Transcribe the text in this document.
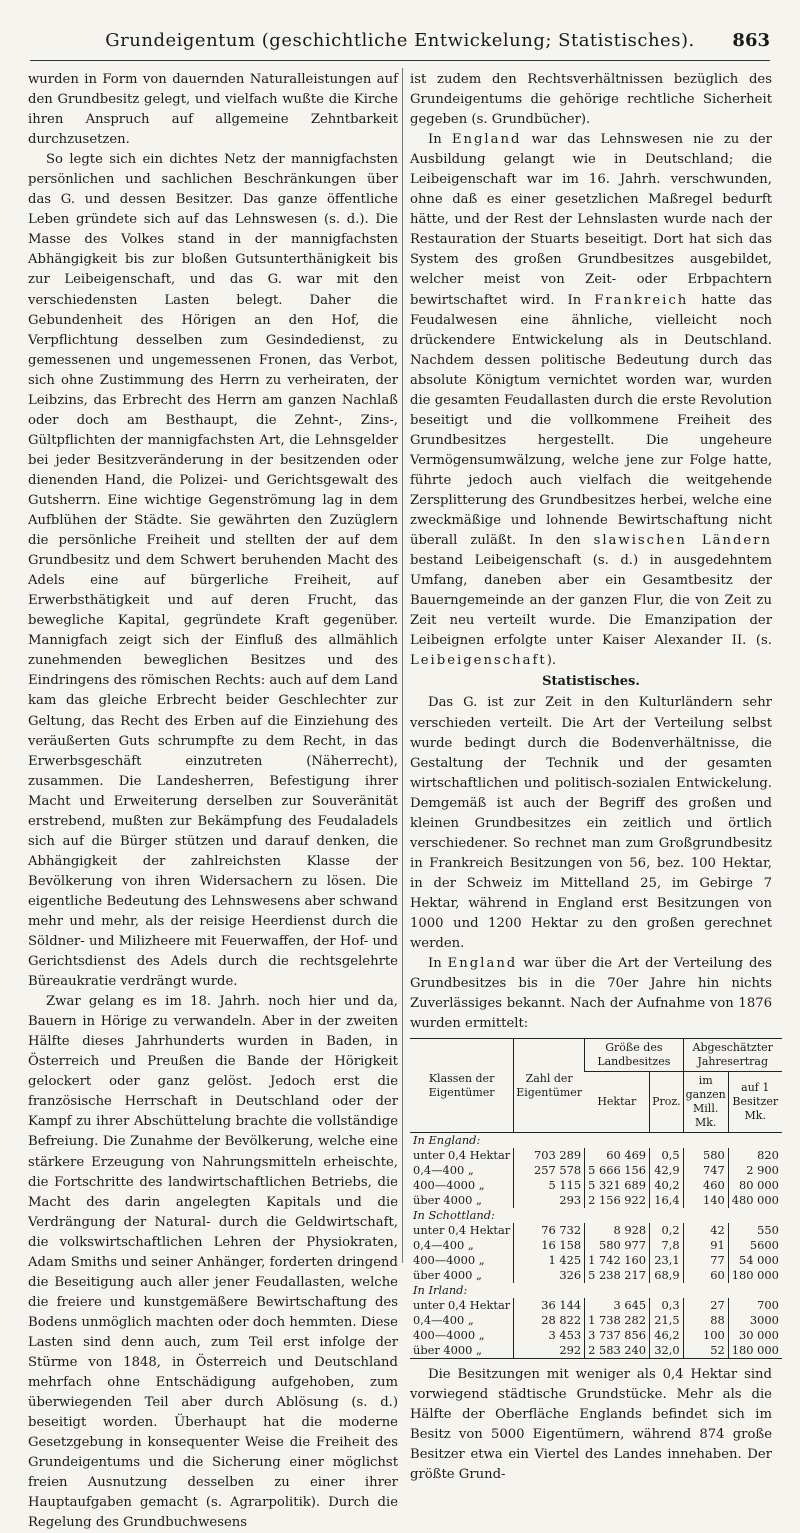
Grundeigentum (geschichtliche Entwickelung; Statistisches).	863

wurden in Form von dauernden Naturalleistungen auf den Grundbesitz gelegt, und vielfach wußte die Kirche ihren Anspruch auf allgemeine Zehntbarkeit durchzusetzen.

So legte sich ein dichtes Netz der mannigfachsten persönlichen und sachlichen Beschränkungen über das G. und dessen Besitzer. Das ganze öffentliche Leben gründete sich auf das Lehnswesen (s. d.). Die Masse des Volkes stand in der mannigfachsten Abhängigkeit bis zur bloßen Gutsunterthänigkeit bis zur Leibeigenschaft, und das G. war mit den verschiedensten Lasten belegt. Daher die Gebundenheit des Hörigen an den Hof, die Verpflichtung desselben zum Gesindedienst, zu gemessenen und ungemessenen Fronen, das Verbot, sich ohne Zustimmung des Herrn zu verheiraten, der Leibzins, das Erbrecht des Herrn am ganzen Nachlaß oder doch am Besthaupt, die Zehnt-, Zins-, Gültpflichten der mannigfachsten Art, die Lehnsgelder bei jeder Besitzveränderung in der besitzenden oder dienenden Hand, die Polizei- und Gerichtsgewalt des Gutsherrn. Eine wichtige Gegenströmung lag in dem Aufblühen der Städte. Sie gewährten den Zuzüglern die persönliche Freiheit und stellten der auf dem Grundbesitz und dem Schwert beruhenden Macht des Adels eine auf bürgerliche Freiheit, auf Erwerbsthätigkeit und auf deren Frucht, das bewegliche Kapital, gegründete Kraft gegenüber. Mannigfach zeigt sich der Einfluß des allmählich zunehmenden beweglichen Besitzes und des Eindringens des römischen Rechts: auch auf dem Land kam das gleiche Erbrecht beider Geschlechter zur Geltung, das Recht des Erben auf die Einziehung des veräußerten Guts schrumpfte zu dem Recht, in das Erwerbsgeschäft einzutreten (Näherrecht), zusammen. Die Landesherren, Befestigung ihrer Macht und Erweiterung derselben zur Souveränität erstrebend, mußten zur Bekämpfung des Feudaladels sich auf die Bürger stützen und darauf denken, die Abhängigkeit der zahlreichsten Klasse der Bevölkerung von ihren Widersachern zu lösen. Die eigentliche Bedeutung des Lehnswesens aber schwand mehr und mehr, als der reisige Heerdienst durch die Söldner- und Milizheere mit Feuerwaffen, der Hof- und Gerichtsdienst des Adels durch die rechtsgelehrte Büreaukratie verdrängt wurde.

Zwar gelang es im 18. Jahrh. noch hier und da, Bauern in Hörige zu verwandeln. Aber in der zweiten Hälfte dieses Jahrhunderts wurden in Baden, in Österreich und Preußen die Bande der Hörigkeit gelockert oder ganz gelöst. Jedoch erst die französische Herrschaft in Deutschland oder der Kampf zu ihrer Abschüttelung brachte die vollständige Befreiung. Die Zunahme der Bevölkerung, welche eine stärkere Erzeugung von Nahrungsmitteln erheischte, die Fortschritte des landwirtschaftlichen Betriebs, die Macht des darin angelegten Kapitals und die Verdrängung der Natural- durch die Geldwirtschaft, die volkswirtschaftlichen Lehren der Physiokraten, Adam Smiths und seiner Anhänger, forderten dringend die Beseitigung auch aller jener Feudallasten, welche die freiere und kunstgemäßere Bewirtschaftung des Bodens unmöglich machten oder doch hemmten. Diese Lasten sind denn auch, zum Teil erst infolge der Stürme von 1848, in Österreich und Deutschland mehrfach ohne Entschädigung aufgehoben, zum überwiegenden Teil aber durch Ablösung (s. d.) beseitigt worden. Überhaupt hat die moderne Gesetzgebung in konsequenter Weise die Freiheit des Grundeigentums und die Sicherung einer möglichst freien Ausnutzung desselben zu einer ihrer Hauptaufgaben gemacht (s. Agrarpolitik). Durch die Regelung des Grundbuchwesens

ist zudem den Rechtsverhältnissen bezüglich des Grundeigentums die gehörige rechtliche Sicherheit gegeben (s. Grundbücher).

In England war das Lehnswesen nie zu der Ausbildung gelangt wie in Deutschland; die Leibeigenschaft war im 16. Jahrh. verschwunden, ohne daß es einer gesetzlichen Maßregel bedurft hätte, und der Rest der Lehnslasten wurde nach der Restauration der Stuarts beseitigt. Dort hat sich das System des großen Grundbesitzes ausgebildet, welcher meist von Zeit- oder Erbpachtern bewirtschaftet wird. In Frankreich hatte das Feudalwesen eine ähnliche, vielleicht noch drückendere Entwickelung als in Deutschland. Nachdem dessen politische Bedeutung durch das absolute Königtum vernichtet worden war, wurden die gesamten Feudallasten durch die erste Revolution beseitigt und die vollkommene Freiheit des Grundbesitzes hergestellt. Die ungeheure Vermögensumwälzung, welche jene zur Folge hatte, führte jedoch auch vielfach die weitgehende Zersplitterung des Grundbesitzes herbei, welche eine zweckmäßige und lohnende Bewirtschaftung nicht überall zuläßt. In den slawischen Ländern bestand Leibeigenschaft (s. d.) in ausgedehntem Umfang, daneben aber ein Gesamtbesitz der Bauerngemeinde an der ganzen Flur, die von Zeit zu Zeit neu verteilt wurde. Die Emanzipation der Leibeignen erfolgte unter Kaiser Alexander II. (s. Leibeigenschaft).

Statistisches.

Das G. ist zur Zeit in den Kulturländern sehr verschieden verteilt. Die Art der Verteilung selbst wurde bedingt durch die Bodenverhältnisse, die Gestaltung der Technik und der gesamten wirtschaftlichen und politisch-sozialen Entwickelung. Demgemäß ist auch der Begriff des großen und kleinen Grundbesitzes ein zeitlich und örtlich verschiedener. So rechnet man zum Großgrundbesitz in Frankreich Besitzungen von 56, bez. 100 Hektar, in der Schweiz im Mittelland 25, im Gebirge 7 Hektar, während in England erst Besitzungen von 1000 und 1200 Hektar zu den großen gerechnet werden.

In England war über die Art der Verteilung des Grundbesitzes bis in die 70er Jahre hin nichts Zuverlässiges bekannt. Nach der Aufnahme von 1876 wurden ermittelt:

Klassen der Eigentümer	Zahl der Eigentümer	Größe des Landbesitzes		Abgeschätzter Jahresertrag	
		Hektar	Proz.	im ganzen Mill. Mk.	auf 1 Besitzer Mk.
In England:					
unter 0,4 Hektar	703 289	60 469	0,5	580	820
0,4—400 „	257 578	5 666 156	42,9	747	2 900
400—4000 „	5 115	5 321 689	40,2	460	80 000
über 4000 „	293	2 156 922	16,4	140	480 000
In Schottland:					
unter 0,4 Hektar	76 732	8 928	0,2	42	550
0,4—400 „	16 158	580 977	7,8	91	5600
400—4000 „	1 425	1 742 160	23,1	77	54 000
über 4000 „	326	5 238 217	68,9	60	180 000
In Irland:					
unter 0,4 Hektar	36 144	3 645	0,3	27	700
0,4—400 „	28 822	1 738 282	21,5	88	3000
400—4000 „	3 453	3 737 856	46,2	100	30 000
über 4000 „	292	2 583 240	32,0	52	180 000

Die Besitzungen mit weniger als 0,4 Hektar sind vorwiegend städtische Grundstücke. Mehr als die Hälfte der Oberfläche Englands befindet sich im Besitz von 5000 Eigentümern, während 874 große Besitzer etwa ein Viertel des Landes innehaben. Der größte Grund-
